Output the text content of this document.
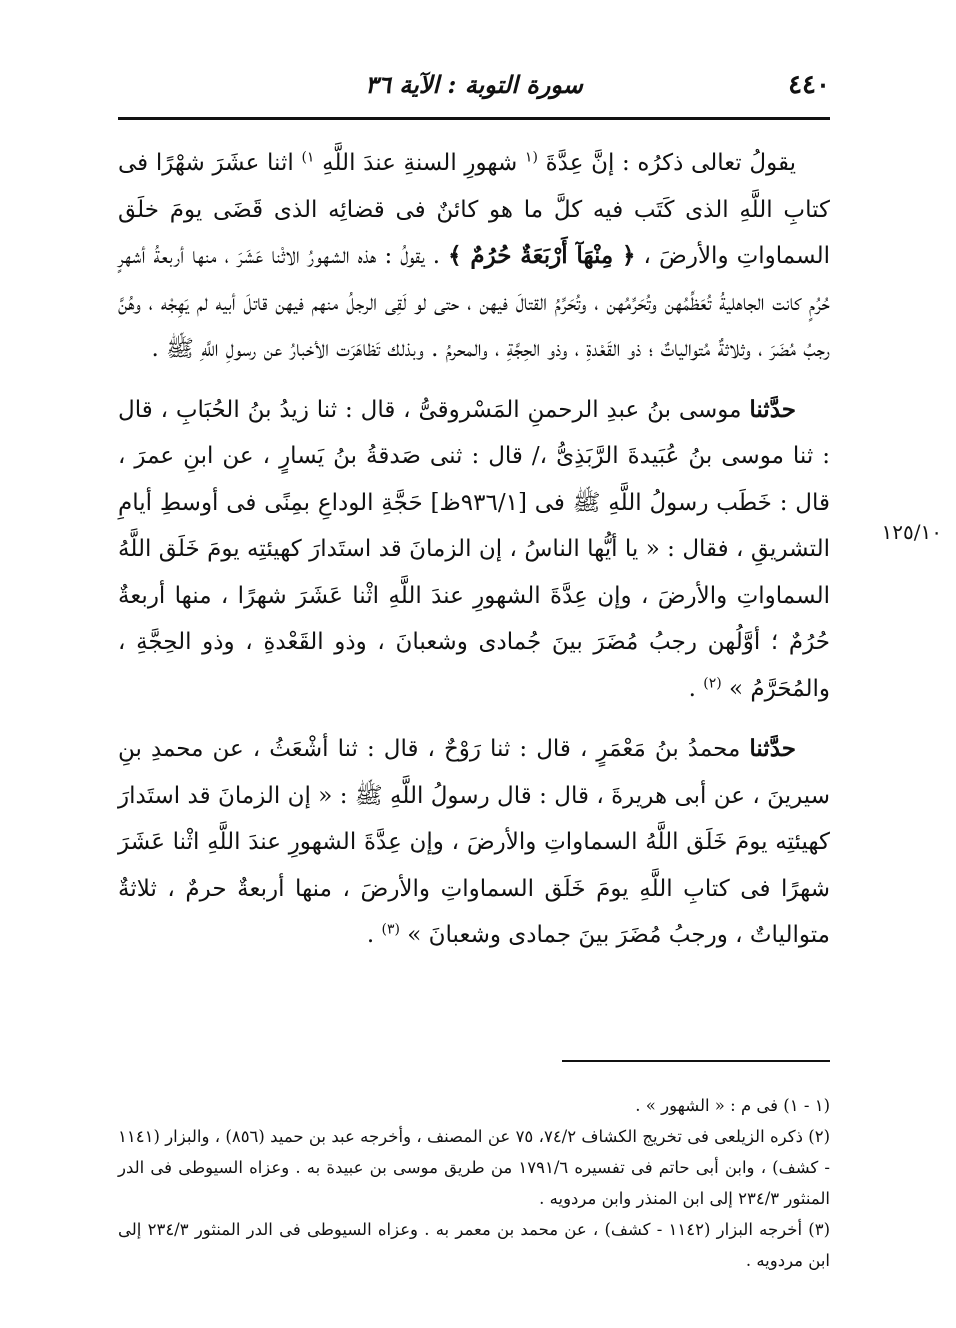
٤٤٠
سورة التوبة : الآية ٣٦
١٢٥/١٠

يقولُ تعالى ذكرُه : إنَّ عِدَّةَ $^{(١}$ شهورِ السنةِ عندَ اللَّهِ $^{١)}$ اثنا عشَرَ شهْرًا فى كتابِ اللَّهِ الذى كَتَب فيه كلَّ ما هو كائنٌ فى قضائِه الذى قَضَى يومَ خلَق السماواتِ والأرضَ ، ﴿ مِنْهَآ أَرْبَعَةٌ حُرُمٌ ﴾ . يقولُ : هذه الشهورُ الاثْنا عَشَرَ ، منها أربعةُ أشهرٍ حُرُمٍ كانت الجاهليةُ تُعَظِّمُهن وتُحَرِّمُهن ، وتُحَرِّمُ القتالَ فيهن ، حتى لو لَقِى الرجلُ منهم فيهن قاتلَ أبيه لم يَهِجْه ، وهُنَّ رجبُ مُضَرَ ، وثلاثةٌ مُتوالياتٌ ؛ ذو القَعْدةِ ، وذو الحِجَّةِ ، والمحرمُ . وبذلك تَظاهَرَت الأخبارُ عن رسولِ اللَّهِ ﷺ .

حدَّثنا موسى بنُ عبدِ الرحمنِ المَسْروقىُّ ، قال : ثنا زيدُ بنُ الحُبَابِ ، قال : ثنا موسى بنُ عُبَيدةَ الرَّبَذِىُّ ،/ قال : ثنى صَدقةُ بنُ يَسارٍ ، عن ابنِ عمرَ ، قال : خَطَب رسولُ اللَّهِ ﷺ فى [٩٣٦/١ظ] حَجَّةِ الوداعِ بمِنًى فى أوسطِ أيامِ التشريقِ ، فقال : « يا أيُّها الناسُ ، إن الزمانَ قد استَدارَ كهيئتِه يومَ خَلَق اللَّهُ السماواتِ والأرضَ ، وإن عِدَّةَ الشهورِ عندَ اللَّهِ اثْنا عَشَرَ شهرًا ، منها أربعةٌ حُرُمٌ ؛ أوَّلُهن رجبُ مُضَرَ بينَ جُمادى وشعبانَ ، وذو القَعْدةِ ، وذو الحِجَّةِ ، والمُحَرَّمُ » $^{(٢)}$ .

حدَّثنا محمدُ بنُ مَعْمَرٍ ، قال : ثنا رَوْحٌ ، قال : ثنا أشْعَثُ ، عن محمدِ بنِ سيرينَ ، عن أبى هريرةَ ، قال : قال رسولُ اللَّهِ ﷺ : « إن الزمانَ قد استَدارَ كهيئتِه يومَ خَلَق اللَّهُ السماواتِ والأرضَ ، وإن عِدَّةَ الشهورِ عندَ اللَّهِ اثْنا عَشَرَ شهرًا فى كتابِ اللَّهِ يومَ خَلَق السماواتِ والأرضَ ، منها أربعةٌ حرمٌ ، ثلاثةٌ متوالياتٌ ، ورجبُ مُضَرَ بينَ جمادى وشعبانَ » $^{(٣)}$ .

(١ - ١) فى م : « الشهور » .

(٢) ذكره الزيلعى فى تخريج الكشاف ٧٤/٢، ٧٥ عن المصنف ، وأخرجه عبد بن حميد (٨٥٦) ، والبزار (١١٤١ - كشف) ، وابن أبى حاتم فى تفسيره ١٧٩١/٦ من طريق موسى بن عبيدة به . وعزاه السيوطى فى الدر المنثور ٢٣٤/٣ إلى ابن المنذر وابن مردويه .

(٣) أخرجه البزار (١١٤٢ - كشف) ، عن محمد بن معمر به . وعزاه السيوطى فى الدر المنثور ٢٣٤/٣ إلى ابن مردويه .
